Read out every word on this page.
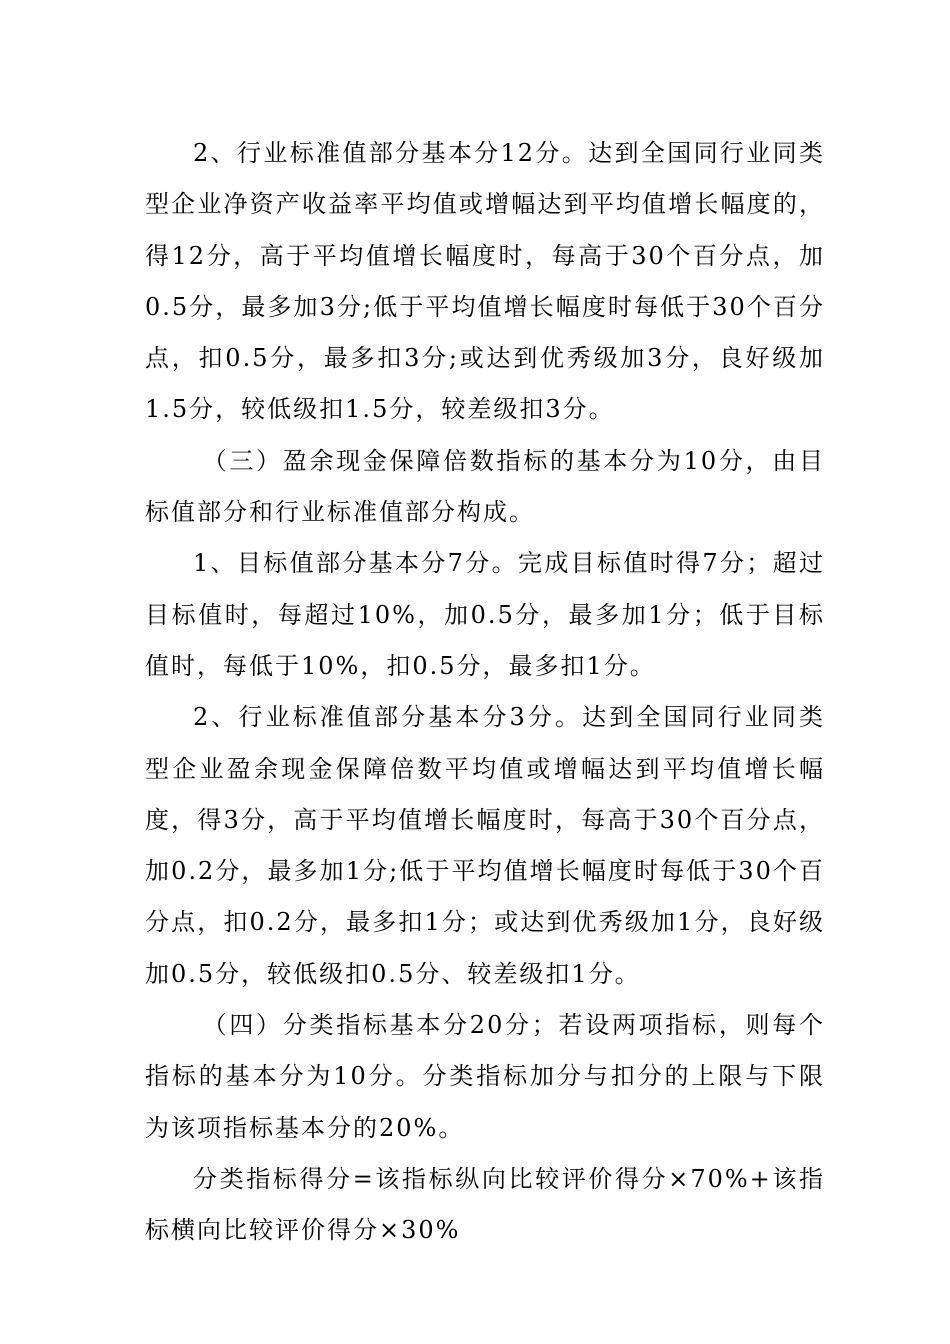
2、行业标准值部分基本分12分。达到全国同行业同类型企业净资产收益率平均值或增幅达到平均值增长幅度的，得12分，高于平均值增长幅度时，每高于30个百分点，加0.5分，最多加3分;低于平均值增长幅度时每低于30个百分点，扣0.5分，最多扣3分;或达到优秀级加3分，良好级加1.5分，较低级扣1.5分，较差级扣3分。

（三）盈余现金保障倍数指标的基本分为10分，由目标值部分和行业标准值部分构成。

1、目标值部分基本分7分。完成目标值时得7分；超过目标值时，每超过10%，加0.5分，最多加1分；低于目标值时，每低于10%，扣0.5分，最多扣1分。

2、行业标准值部分基本分3分。达到全国同行业同类型企业盈余现金保障倍数平均值或增幅达到平均值增长幅度，得3分，高于平均值增长幅度时，每高于30个百分点，加0.2分，最多加1分;低于平均值增长幅度时每低于30个百分点，扣0.2分，最多扣1分；或达到优秀级加1分，良好级加0.5分，较低级扣0.5分、较差级扣1分。

（四）分类指标基本分20分；若设两项指标，则每个指标的基本分为10分。分类指标加分与扣分的上限与下限为该项指标基本分的20%。

分类指标得分=该指标纵向比较评价得分×70%+该指标横向比较评价得分×30%
